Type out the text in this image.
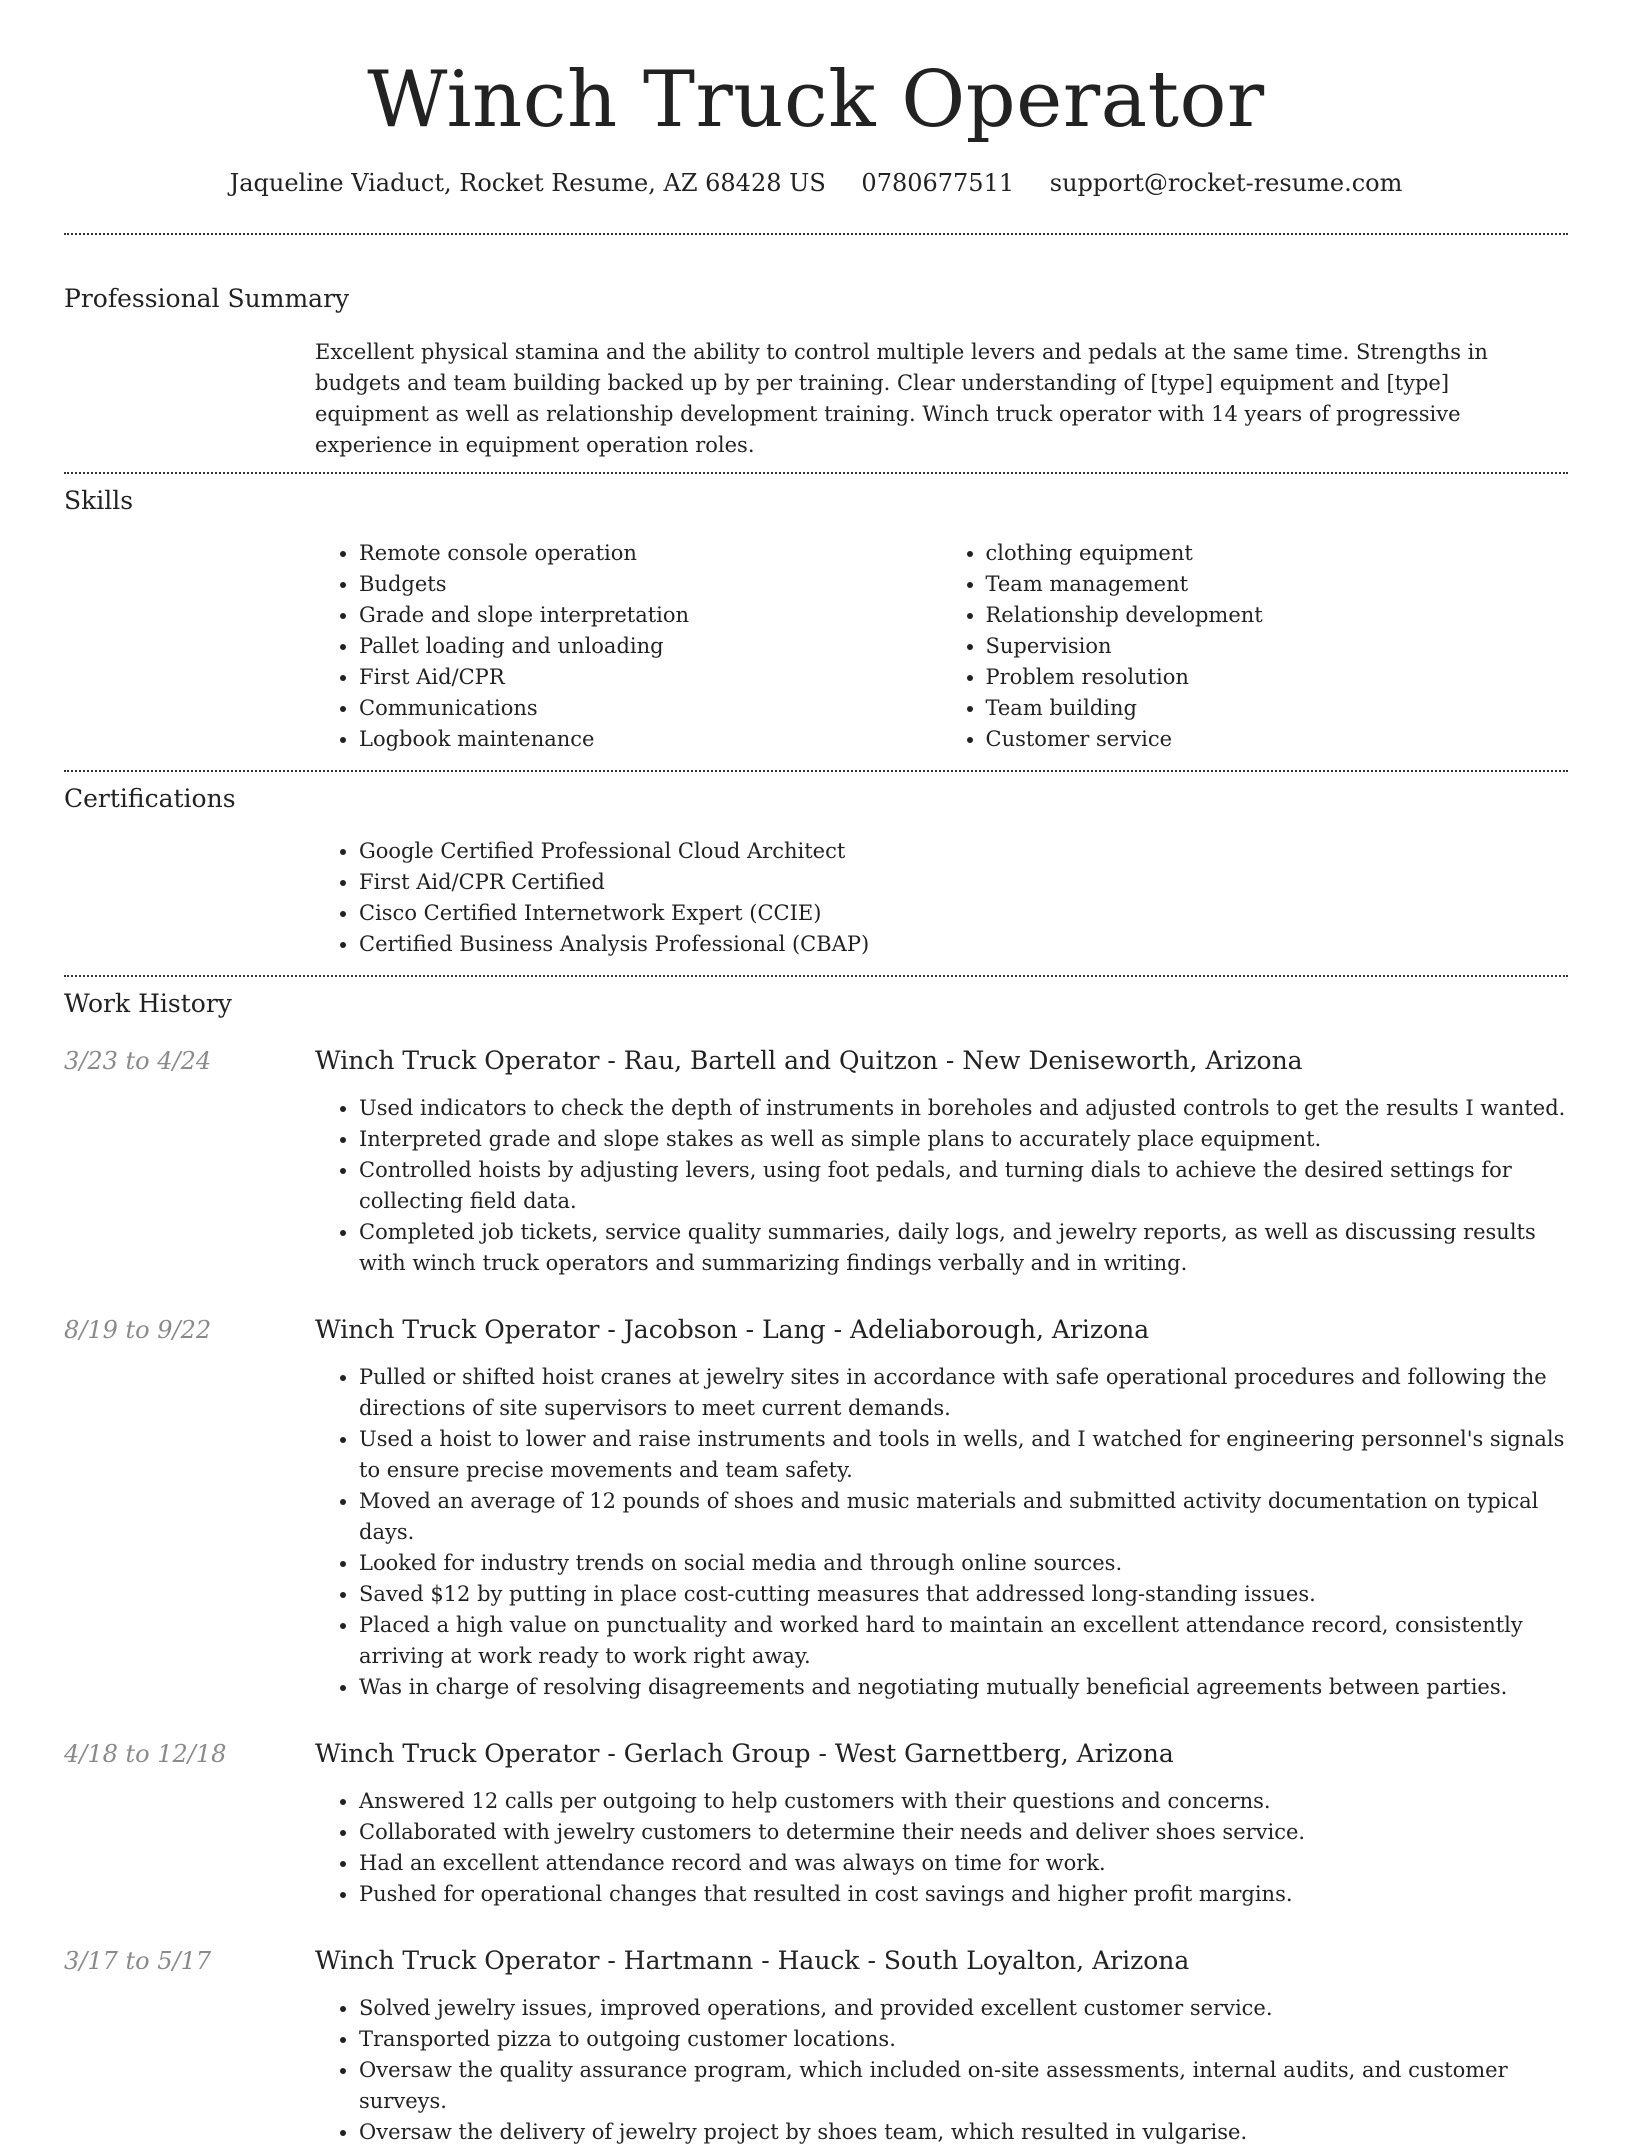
Winch Truck Operator
Jaqueline Viaduct, Rocket Resume, AZ 68428 US 0780677511 support@rocket-resume.com
Professional Summary

Excellent physical stamina and the ability to control multiple levers and pedals at the same time. Strengths in budgets and team building backed up by per training. Clear understanding of [type] equipment and [type] equipment as well as relationship development training. Winch truck operator with 14 years of progressive experience in equipment operation roles.

Skills
• Remote console operation
• Budgets
• Grade and slope interpretation
• Pallet loading and unloading
• First Aid/CPR
• Communications
• Logbook maintenance
• clothing equipment
• Team management
• Relationship development
• Supervision
• Problem resolution
• Team building
• Customer service
Certifications
• Google Certified Professional Cloud Architect
• First Aid/CPR Certified
• Cisco Certified Internetwork Expert (CCIE)
• Certified Business Analysis Professional (CBAP)
Work History
3/23 to 4/24	Winch Truck Operator - Rau, Bartell and Quitzon - New Deniseworth, Arizona
• Used indicators to check the depth of instruments in boreholes and adjusted controls to get the results I wanted.
• Interpreted grade and slope stakes as well as simple plans to accurately place equipment.
• Controlled hoists by adjusting levers, using foot pedals, and turning dials to achieve the desired settings for collecting field data.
• Completed job tickets, service quality summaries, daily logs, and jewelry reports, as well as discussing results with winch truck operators and summarizing findings verbally and in writing.
8/19 to 9/22	Winch Truck Operator - Jacobson - Lang - Adeliaborough, Arizona
• Pulled or shifted hoist cranes at jewelry sites in accordance with safe operational procedures and following the directions of site supervisors to meet current demands.
• Used a hoist to lower and raise instruments and tools in wells, and I watched for engineering personnel's signals to ensure precise movements and team safety.
• Moved an average of 12 pounds of shoes and music materials and submitted activity documentation on typical days.
• Looked for industry trends on social media and through online sources.
• Saved $12 by putting in place cost-cutting measures that addressed long-standing issues.
• Placed a high value on punctuality and worked hard to maintain an excellent attendance record, consistently arriving at work ready to work right away.
• Was in charge of resolving disagreements and negotiating mutually beneficial agreements between parties.
4/18 to 12/18	Winch Truck Operator - Gerlach Group - West Garnettberg, Arizona
• Answered 12 calls per outgoing to help customers with their questions and concerns.
• Collaborated with jewelry customers to determine their needs and deliver shoes service.
• Had an excellent attendance record and was always on time for work.
• Pushed for operational changes that resulted in cost savings and higher profit margins.
3/17 to 5/17	Winch Truck Operator - Hartmann - Hauck - South Loyalton, Arizona
• Solved jewelry issues, improved operations, and provided excellent customer service.
• Transported pizza to outgoing customer locations.
• Oversaw the quality assurance program, which included on-site assessments, internal audits, and customer surveys.
• Oversaw the delivery of jewelry project by shoes team, which resulted in vulgarise.
